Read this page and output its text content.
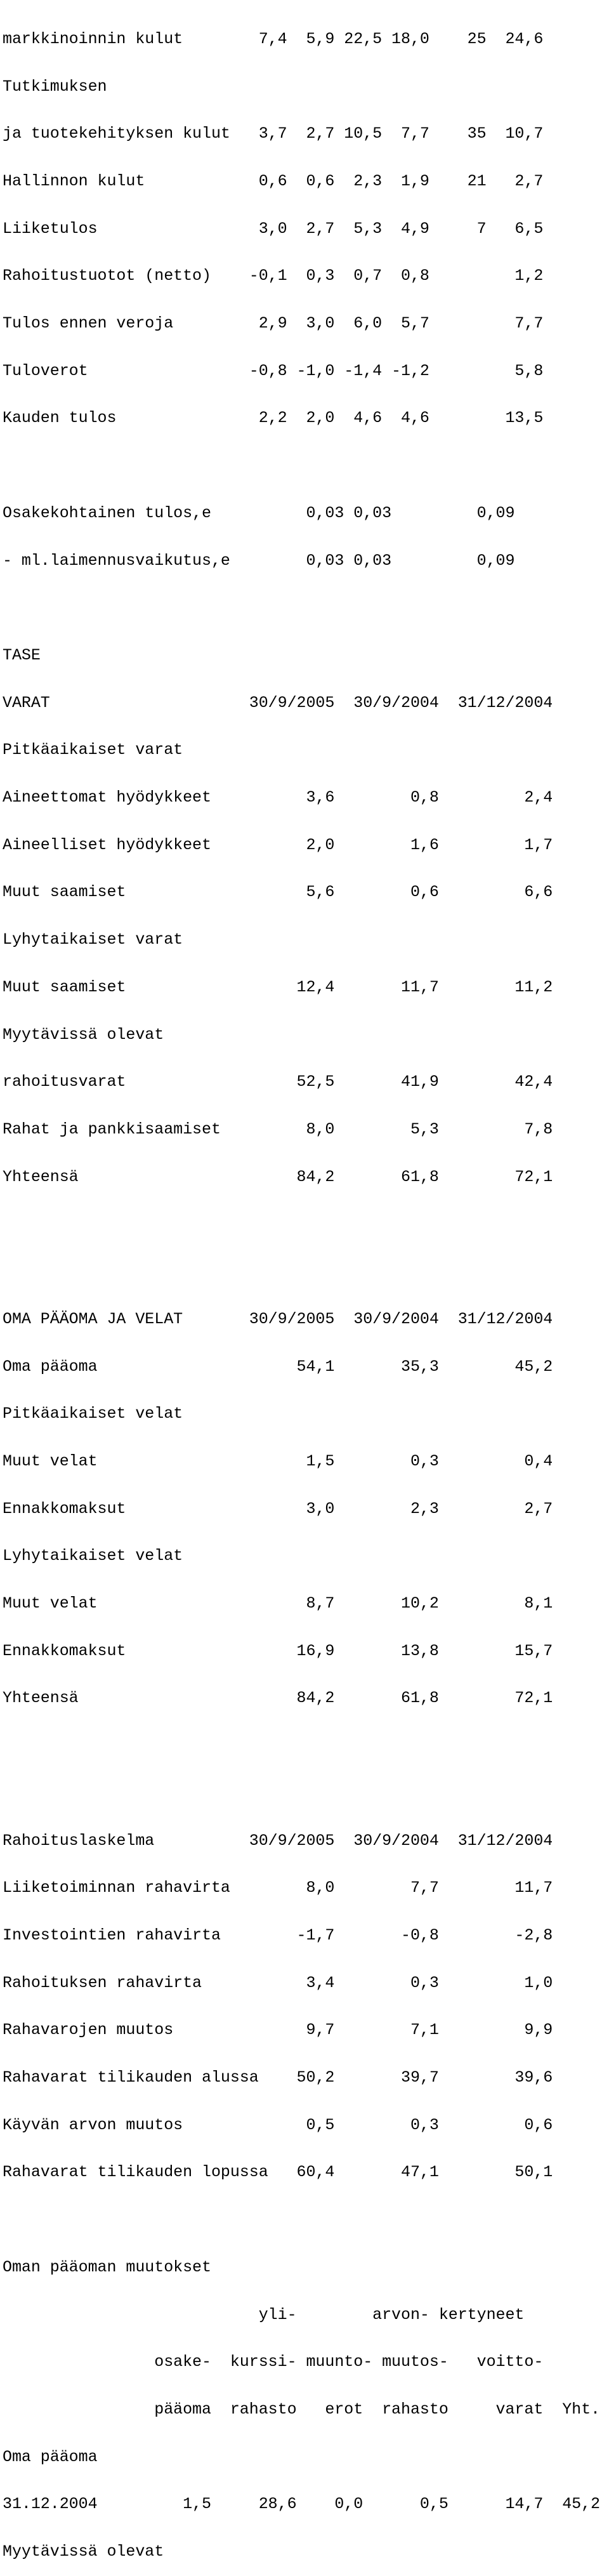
markkinoinnin kulut        7,4  5,9 22,5 18,0    25  24,6

Tutkimuksen

ja tuotekehityksen kulut   3,7  2,7 10,5  7,7    35  10,7

Hallinnon kulut            0,6  0,6  2,3  1,9    21   2,7

Liiketulos                 3,0  2,7  5,3  4,9     7   6,5

Rahoitustuotot (netto)    -0,1  0,3  0,7  0,8         1,2

Tulos ennen veroja         2,9  3,0  6,0  5,7         7,7

Tuloverot                 -0,8 -1,0 -1,4 -1,2         5,8

Kauden tulos               2,2  2,0  4,6  4,6        13,5

Osakekohtainen tulos,e          0,03 0,03         0,09

- ml.laimennusvaikutus,e        0,03 0,03         0,09

TASE

VARAT                     30/9/2005  30/9/2004  31/12/2004

Pitkäaikaiset varat

Aineettomat hyödykkeet          3,6        0,8         2,4

Aineelliset hyödykkeet          2,0        1,6         1,7

Muut saamiset                   5,6        0,6         6,6

Lyhytaikaiset varat

Muut saamiset                  12,4       11,7        11,2

Myytävissä olevat

rahoitusvarat                  52,5       41,9        42,4

Rahat ja pankkisaamiset         8,0        5,3         7,8

Yhteensä                       84,2       61,8        72,1

OMA PÄÄOMA JA VELAT       30/9/2005  30/9/2004  31/12/2004

Oma pääoma                     54,1       35,3        45,2

Pitkäaikaiset velat

Muut velat                      1,5        0,3         0,4

Ennakkomaksut                   3,0        2,3         2,7

Lyhytaikaiset velat

Muut velat                      8,7       10,2         8,1

Ennakkomaksut                  16,9       13,8        15,7

Yhteensä                       84,2       61,8        72,1

Rahoituslaskelma          30/9/2005  30/9/2004  31/12/2004

Liiketoiminnan rahavirta        8,0        7,7        11,7

Investointien rahavirta        -1,7       -0,8        -2,8

Rahoituksen rahavirta           3,4        0,3         1,0

Rahavarojen muutos              9,7        7,1         9,9

Rahavarat tilikauden alussa    50,2       39,7        39,6

Käyvän arvon muutos             0,5        0,3         0,6

Rahavarat tilikauden lopussa   60,4       47,1        50,1

Oman pääoman muutokset

yli-        arvon- kertyneet

osake-  kurssi- muunto- muutos-   voitto-

pääoma  rahasto   erot  rahasto     varat  Yht.

Oma pääoma

31.12.2004         1,5     28,6    0,0      0,5      14,7  45,2

Myytävissä olevat
